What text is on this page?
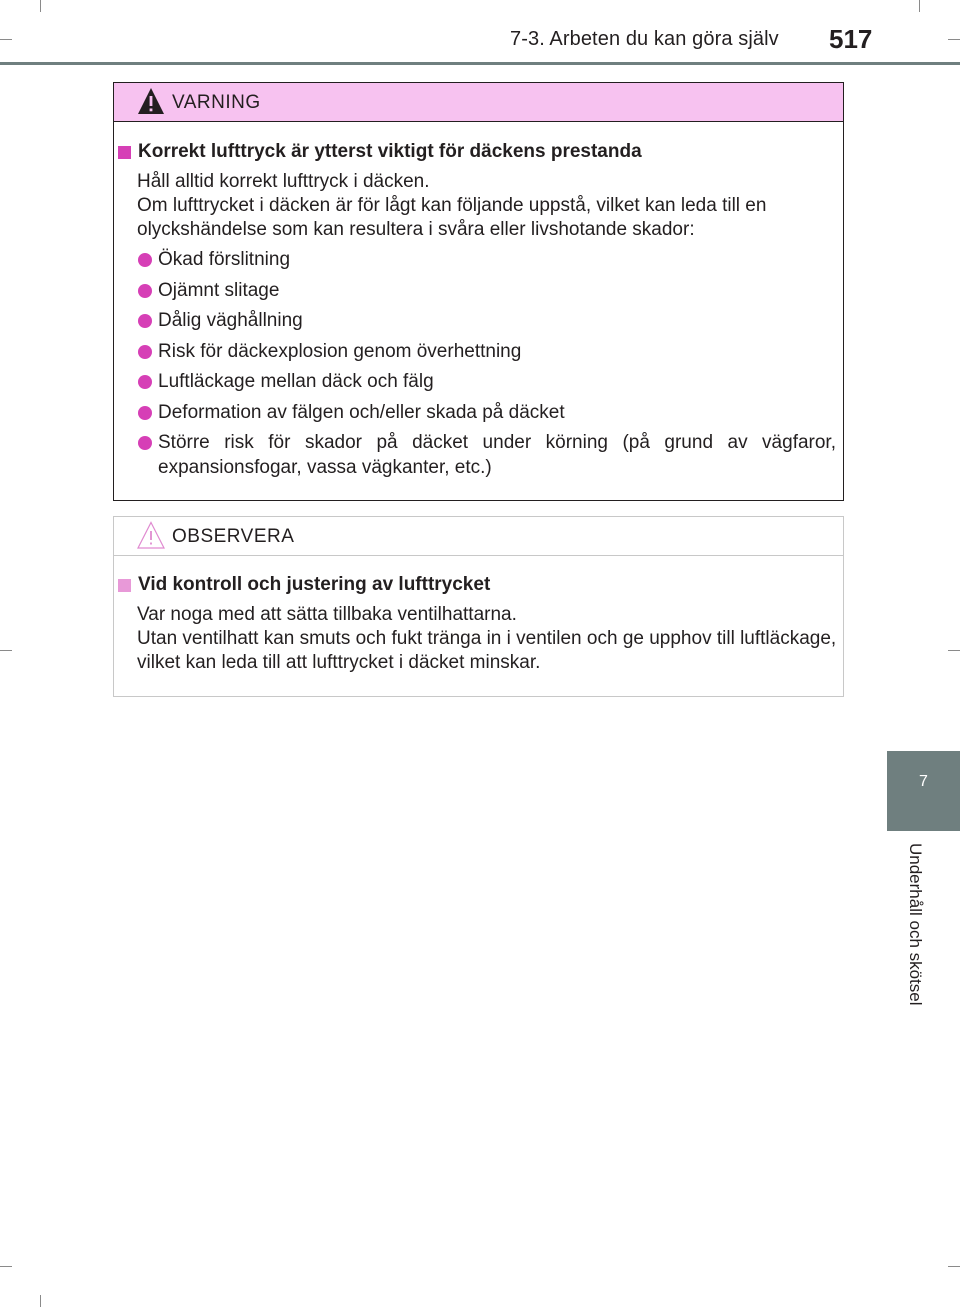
7-3. Arbeten du kan göra själv 517
7
Underhåll och skötsel
VARNING
Korrekt lufttryck är ytterst viktigt för däckens prestanda
Håll alltid korrekt lufttryck i däcken.
Om lufttrycket i däcken är för lågt kan följande uppstå, vilket kan leda till en olyckshändelse som kan resultera i svåra eller livshotande skador:
Ökad förslitning
Ojämnt slitage
Dålig väghållning
Risk för däckexplosion genom överhettning
Luftläckage mellan däck och fälg
Deformation av fälgen och/eller skada på däcket
Större risk för skador på däcket under körning (på grund av vägfaror, expansionsfogar, vassa vägkanter, etc.)
OBSERVERA
Vid kontroll och justering av lufttrycket
Var noga med att sätta tillbaka ventilhattarna.
Utan ventilhatt kan smuts och fukt tränga in i ventilen och ge upphov till luftläckage, vilket kan leda till att lufttrycket i däcket minskar.
